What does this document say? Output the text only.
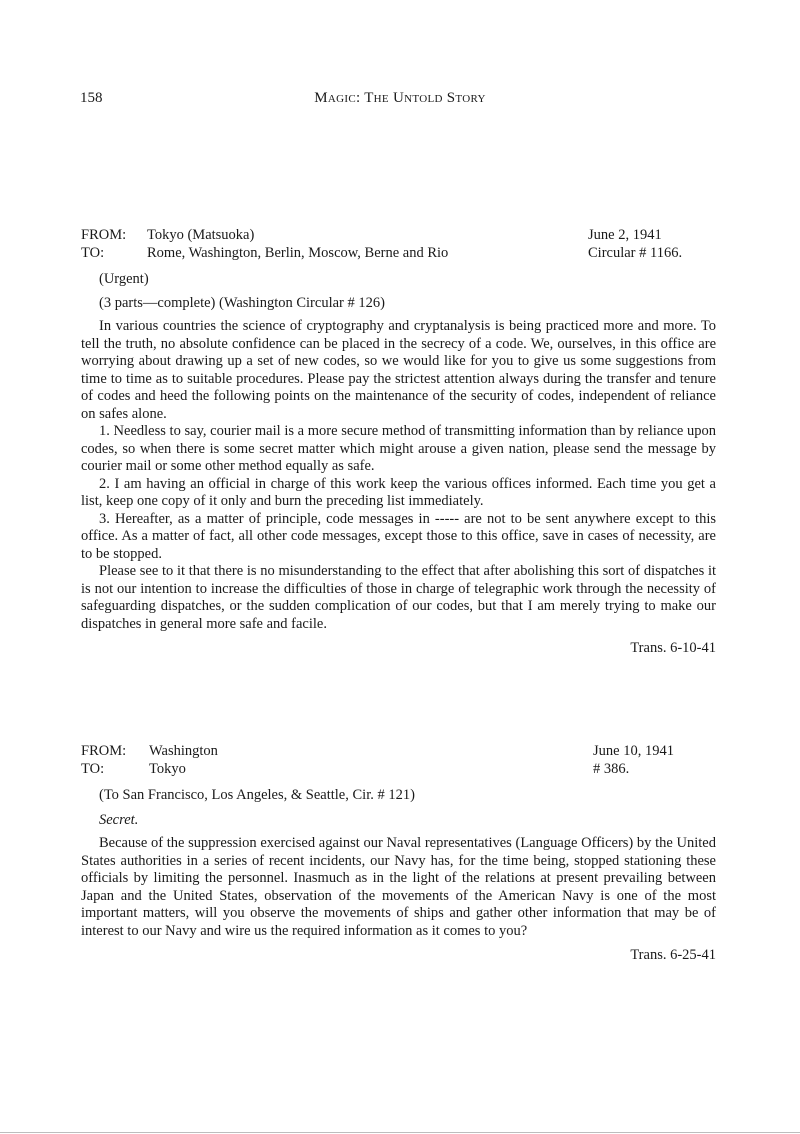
158	Magic: The Untold Story
FROM: Tokyo (Matsuoka)	June 2, 1941
TO:	Rome, Washington, Berlin, Moscow, Berne and Rio	Circular # 1166.
(Urgent)
(3 parts—complete) (Washington Circular # 126)

In various countries the science of cryptography and cryptanalysis is being practiced more and more. To tell the truth, no absolute confidence can be placed in the secrecy of a code. We, ourselves, in this office are worrying about drawing up a set of new codes, so we would like for you to give us some suggestions from time to time as to suitable procedures. Please pay the strictest attention always during the transfer and tenure of codes and heed the following points on the maintenance of the security of codes, independent of reliance on safes alone.

1. Needless to say, courier mail is a more secure method of transmitting information than by reliance upon codes, so when there is some secret matter which might arouse a given nation, please send the message by courier mail or some other method equally as safe.

2. I am having an official in charge of this work keep the various offices informed. Each time you get a list, keep one copy of it only and burn the preceding list immediately.

3. Hereafter, as a matter of principle, code messages in ----- are not to be sent anywhere except to this office. As a matter of fact, all other code messages, except those to this office, save in cases of necessity, are to be stopped.

Please see to it that there is no misunderstanding to the effect that after abolishing this sort of dispatches it is not our intention to increase the difficulties of those in charge of telegraphic work through the necessity of safeguarding dispatches, or the sudden complication of our codes, but that I am merely trying to make our dispatches in general more safe and facile.

Trans. 6-10-41
FROM: Washington	June 10, 1941
TO:	Tokyo	# 386.
(To San Francisco, Los Angeles, & Seattle, Cir. # 121)
Secret.

Because of the suppression exercised against our Naval representatives (Language Officers) by the United States authorities in a series of recent incidents, our Navy has, for the time being, stopped stationing these officials by limiting the personnel. Inasmuch as in the light of the relations at present prevailing between Japan and the United States, observation of the movements of the American Navy is one of the most important matters, will you observe the movements of ships and gather other information that may be of interest to our Navy and wire us the required information as it comes to you?

Trans. 6-25-41
